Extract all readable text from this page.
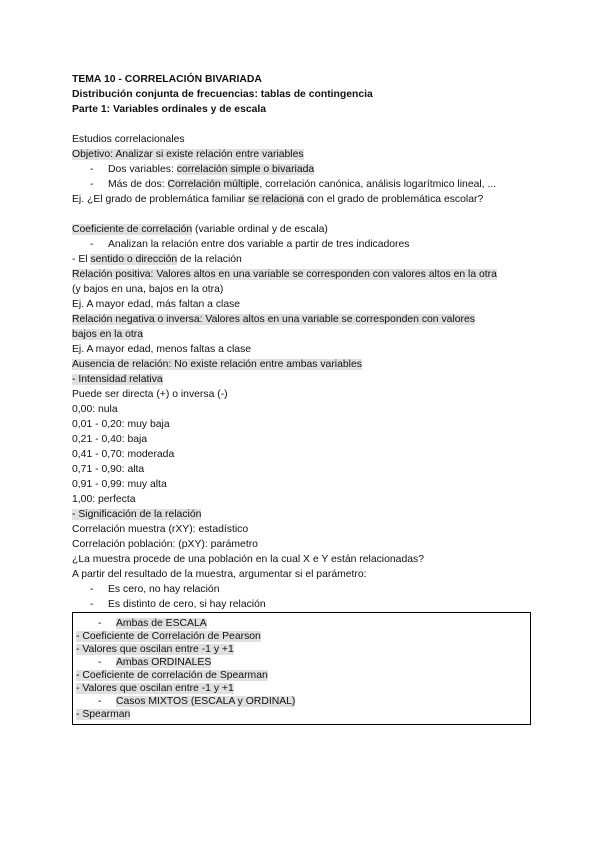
TEMA 10 - CORRELACIÓN BIVARIADA
Distribución conjunta de frecuencias: tablas de contingencia
Parte 1: Variables ordinales y de escala
Estudios correlacionales
Objetivo: Analizar si existe relación entre variables
- Dos variables: correlación simple o bivariada
- Más de dos: Correlación múltiple, correlación canónica, análisis logarítmico lineal, ...
Ej. ¿El grado de problemática familiar se relaciona con el grado de problemática escolar?
Coeficiente de correlación (variable ordinal y de escala)
- Analizan la relación entre dos variable a partir de tres indicadores
- El sentido o dirección de la relación
Relación positiva: Valores altos en una variable se corresponden con valores altos en la otra
(y bajos en una, bajos en la otra)
Ej. A mayor edad, más faltan a clase
Relación negativa o inversa: Valores altos en una variable se corresponden con valores
bajos en la otra
Ej. A mayor edad, menos faltas a clase
Ausencia de relación: No existe relación entre ambas variables
- Intensidad relativa
Puede ser directa (+) o inversa (-)
0,00: nula
0,01 - 0,20: muy baja
0,21 - 0,40: baja
0,41 - 0,70: moderada
0,71 - 0,90: alta
0,91 - 0,99: muy alta
1,00: perfecta
- Significación de la relación
Correlación muestra (rXY): estadístico
Correlación población: (pXY): parámetro
¿La muestra procede de una población en la cual X e Y están relacionadas?
A partir del resultado de la muestra, argumentar si el parámetro:
- Es cero, no hay relación
- Es distinto de cero, si hay relación
- Ambas de ESCALA
- Coeficiente de Correlación de Pearson
- Valores que oscilan entre -1 y +1
- Ambas ORDINALES
- Coeficiente de correlación de Spearman
- Valores que oscilan entre -1 y +1
- Casos MIXTOS (ESCALA y ORDINAL)
- Spearman
